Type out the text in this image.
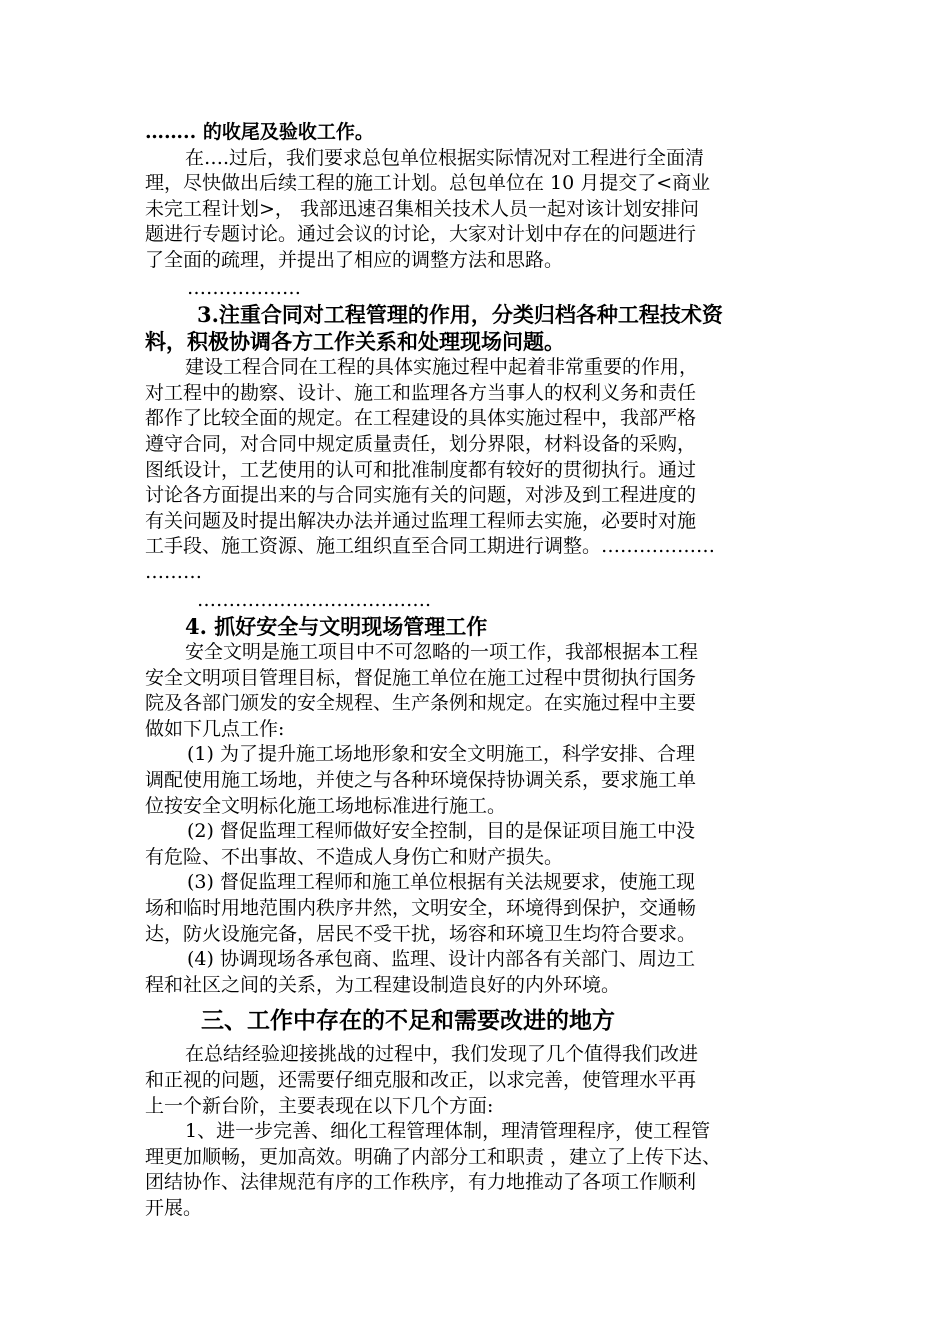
…….. 的收尾及验收工作。
在….过后，我们要求总包单位根据实际情况对工程进行全面清
理，尽快做出后续工程的施工计划。总包单位在 10 月提交了<商业
未完工程计划>， 我部迅速召集相关技术人员一起对该计划安排问
题进行专题讨论。通过会议的讨论，大家对计划中存在的问题进行
了全面的疏理，并提出了相应的调整方法和思路。
………………
3.注重合同对工程管理的作用，分类归档各种工程技术资
料，积极协调各方工作关系和处理现场问题。
建设工程合同在工程的具体实施过程中起着非常重要的作用，
对工程中的勘察、设计、施工和监理各方当事人的权利义务和责任
都作了比较全面的规定。在工程建设的具体实施过程中，我部严格
遵守合同，对合同中规定质量责任，划分界限，材料设备的采购，
图纸设计，工艺使用的认可和批准制度都有较好的贯彻执行。通过
讨论各方面提出来的与合同实施有关的问题，对涉及到工程进度的
有关问题及时提出解决办法并通过监理工程师去实施，必要时对施
工手段、施工资源、施工组织直至合同工期进行调整。………………
………
……………………………….
4. 抓好安全与文明现场管理工作
安全文明是施工项目中不可忽略的一项工作，我部根据本工程
安全文明项目管理目标，督促施工单位在施工过程中贯彻执行国务
院及各部门颁发的安全规程、生产条例和规定。在实施过程中主要
做如下几点工作:
(1) 为了提升施工场地形象和安全文明施工，科学安排、合理
调配使用施工场地，并使之与各种环境保持协调关系，要求施工单
位按安全文明标化施工场地标准进行施工。
(2) 督促监理工程师做好安全控制，目的是保证项目施工中没
有危险、不出事故、不造成人身伤亡和财产损失。
(3) 督促监理工程师和施工单位根据有关法规要求，使施工现
场和临时用地范围内秩序井然，文明安全，环境得到保护，交通畅
达，防火设施完备，居民不受干扰，场容和环境卫生均符合要求。
(4) 协调现场各承包商、监理、设计内部各有关部门、周边工
程和社区之间的关系，为工程建设制造良好的内外环境。
三、工作中存在的不足和需要改进的地方
在总结经验迎接挑战的过程中，我们发现了几个值得我们改进
和正视的问题，还需要仔细克服和改正，以求完善，使管理水平再
上一个新台阶，主要表现在以下几个方面:
1、进一步完善、细化工程管理体制，理清管理程序，使工程管
理更加顺畅，更加高效。明确了内部分工和职责 ，建立了上传下达、
团结协作、法律规范有序的工作秩序，有力地推动了各项工作顺利
开展。
